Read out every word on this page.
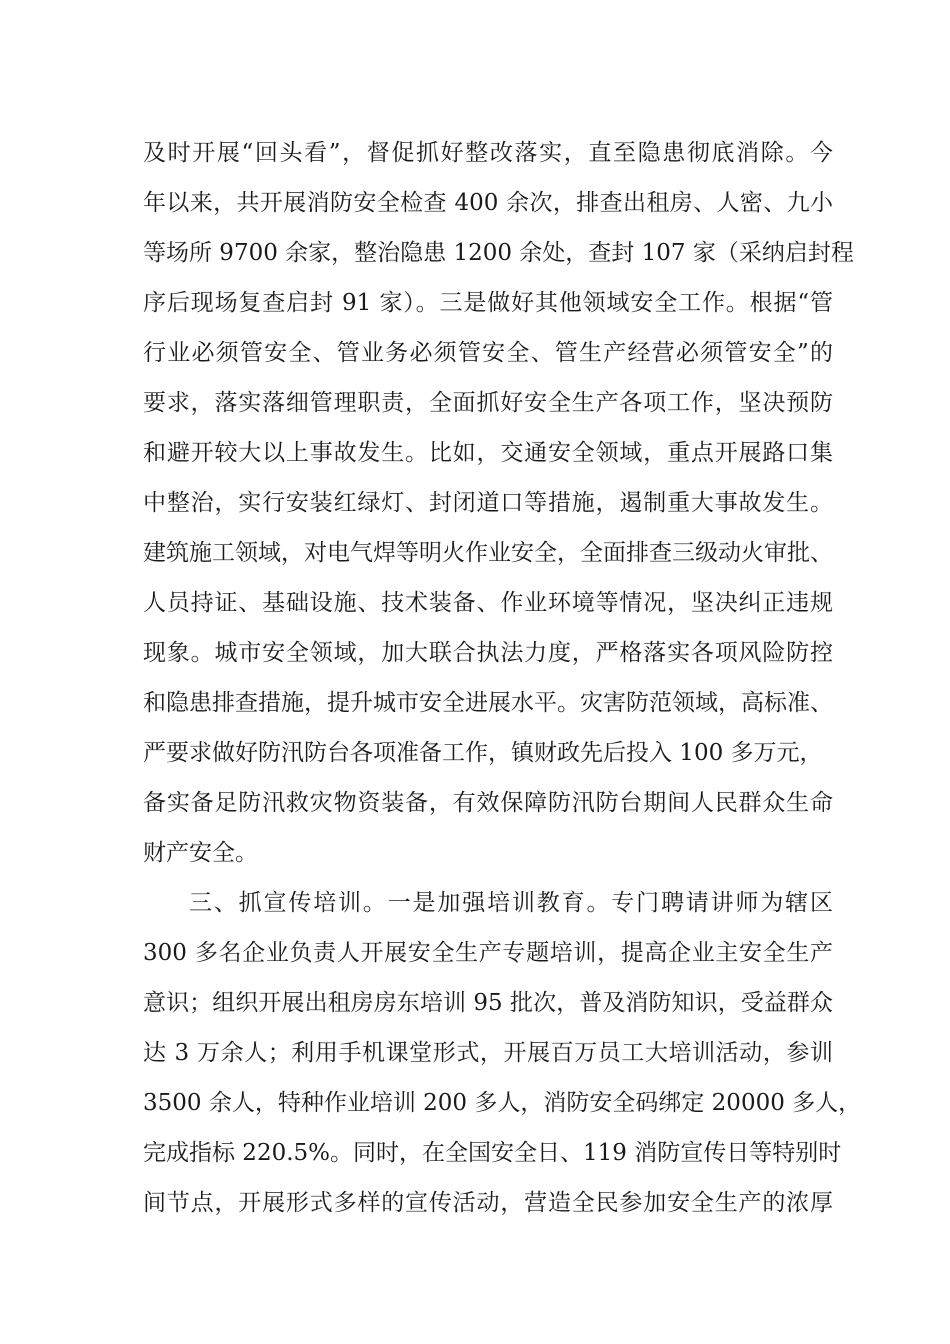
及时开展“回头看”，督促抓好整改落实，直至隐患彻底消除。今
年以来，共开展消防安全检查 400 余次，排查出租房、人密、九小
等场所 9700 余家，整治隐患 1200 余处，查封 107 家（采纳启封程
序后现场复查启封 91 家）。三是做好其他领域安全工作。根据“管
行业必须管安全、管业务必须管安全、管生产经营必须管安全”的
要求，落实落细管理职责，全面抓好安全生产各项工作，坚决预防
和避开较大以上事故发生。比如，交通安全领域，重点开展路口集
中整治，实行安装红绿灯、封闭道口等措施，遏制重大事故发生。
建筑施工领域，对电气焊等明火作业安全，全面排查三级动火审批、
人员持证、基础设施、技术装备、作业环境等情况，坚决纠正违规
现象。城市安全领域，加大联合执法力度，严格落实各项风险防控
和隐患排查措施，提升城市安全进展水平。灾害防范领域，高标准、
严要求做好防汛防台各项准备工作，镇财政先后投入 100 多万元，
备实备足防汛救灾物资装备，有效保障防汛防台期间人民群众生命
财产安全。
三、抓宣传培训。一是加强培训教育。专门聘请讲师为辖区
300 多名企业负责人开展安全生产专题培训，提高企业主安全生产
意识；组织开展出租房房东培训 95 批次，普及消防知识，受益群众
达 3 万余人；利用手机课堂形式，开展百万员工大培训活动，参训
3500 余人，特种作业培训 200 多人，消防安全码绑定 20000 多人，
完成指标 220.5%。同时，在全国安全日、119 消防宣传日等特别时
间节点，开展形式多样的宣传活动，营造全民参加安全生产的浓厚
